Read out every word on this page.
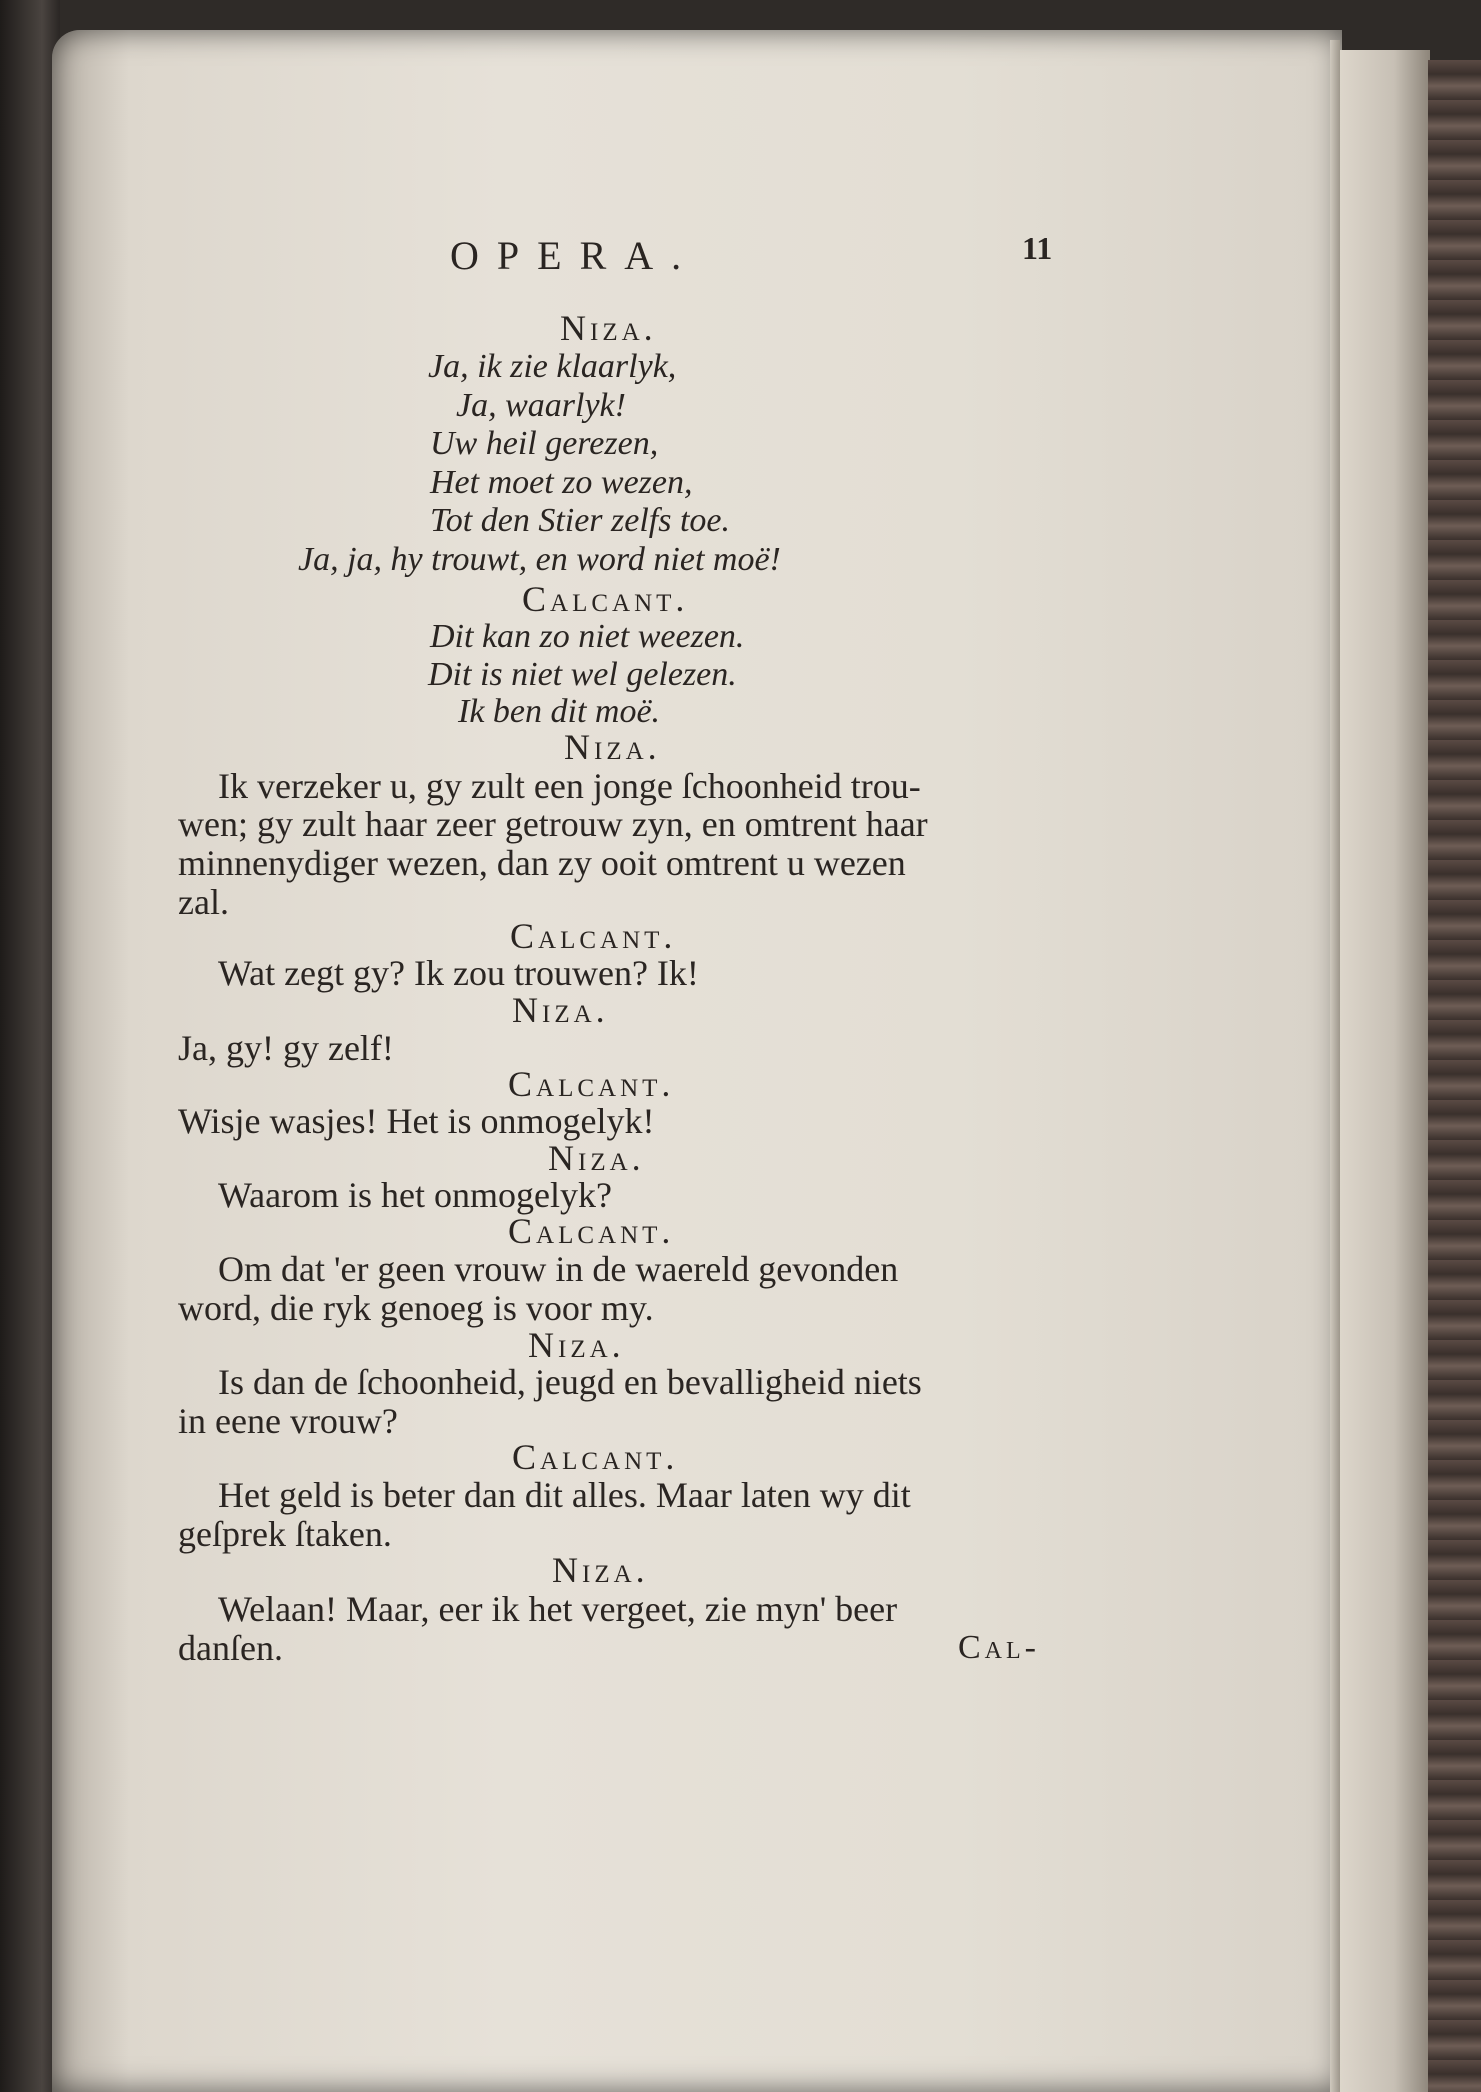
OPERA.	11

Niza.

Ja, ik zie klaarlyk,

Ja, waarlyk!

Uw heil gerezen,

Het moet zo wezen,

Tot den Stier zelfs toe.

Ja, ja, hy trouwt, en word niet moë!

Calcant.

Dit kan zo niet weezen.

Dit is niet wel gelezen.

Ik ben dit moë.

Niza.

Ik verzeker u, gy zult een jonge ſchoonheid trou-

wen; gy zult haar zeer getrouw zyn, en omtrent haar

minnenydiger wezen, dan zy ooit omtrent u wezen

zal.

Calcant.

Wat zegt gy? Ik zou trouwen? Ik!

Niza.

Ja, gy! gy zelf!

Calcant.

Wisje wasjes! Het is onmogelyk!

Niza.

Waarom is het onmogelyk?

Calcant.

Om dat 'er geen vrouw in de waereld gevonden

word, die ryk genoeg is voor my.

Niza.

Is dan de ſchoonheid, jeugd en bevalligheid niets

in eene vrouw?

Calcant.

Het geld is beter dan dit alles. Maar laten wy dit

geſprek ſtaken.

Niza.

Welaan! Maar, eer ik het vergeet, zie myn' beer

danſen.	Cal-
